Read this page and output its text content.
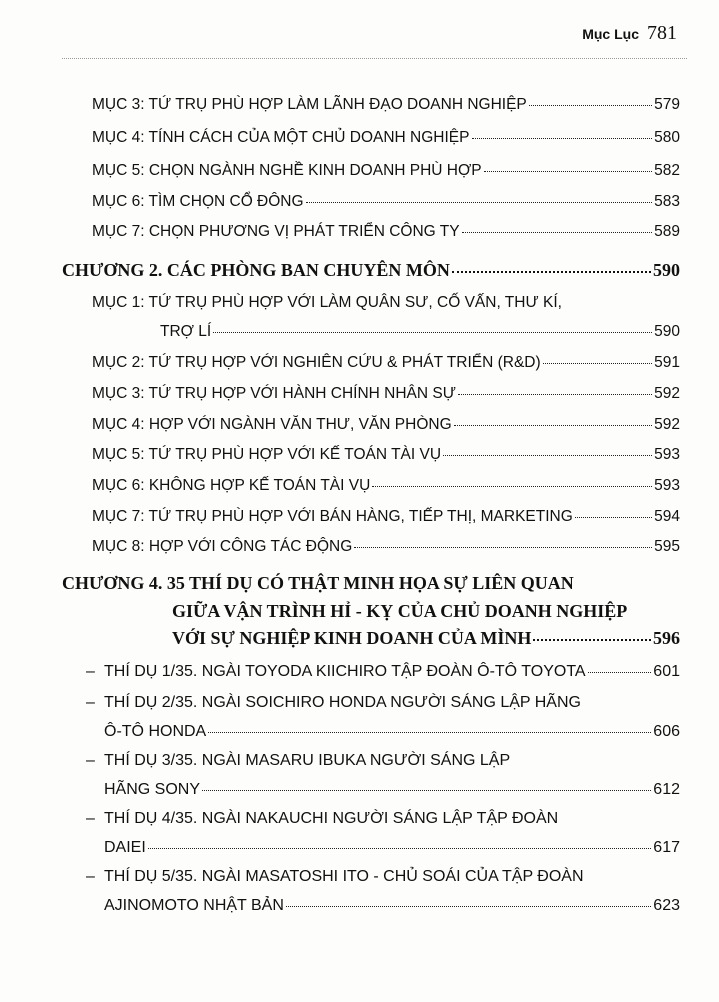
Mục Lục 781
MỤC 3: TỨ TRỤ PHÙ HỢP LÀM LÃNH ĐẠO DOANH NGHIỆP	579
MỤC 4: TÍNH CÁCH CỦA MỘT CHỦ DOANH NGHIỆP	580
MỤC 5: CHỌN NGÀNH NGHỀ KINH DOANH PHÙ HỢP	582
MỤC 6: TÌM CHỌN CỔ ĐÔNG	583
MỤC 7: CHỌN PHƯƠNG VỊ PHÁT TRIỂN CÔNG TY	589
CHƯƠNG 2. CÁC PHÒNG BAN CHUYÊN MÔN	590
MỤC 1: TỨ TRỤ PHÙ HỢP VỚI LÀM QUÂN SƯ, CỐ VẤN, THƯ KÍ,
TRỢ LÍ	590
MỤC 2: TỨ TRỤ HỢP VỚI NGHIÊN CỨU & PHÁT TRIỂN (R&D)	591
MỤC 3: TỨ TRỤ HỢP VỚI HÀNH CHÍNH NHÂN SỰ	592
MỤC 4: HỢP VỚI NGÀNH VĂN THƯ, VĂN PHÒNG	592
MỤC 5: TỨ TRỤ PHÙ HỢP VỚI KẾ TOÁN TÀI VỤ	593
MỤC 6: KHÔNG HỢP KẾ TOÁN TÀI VỤ	593
MỤC 7: TỨ TRỤ PHÙ HỢP VỚI BÁN HÀNG, TIẾP THỊ, MARKETING	594
MỤC 8: HỢP VỚI CÔNG TÁC ĐỘNG	595
CHƯƠNG 4. 35 THÍ DỤ CÓ THẬT MINH HỌA SỰ LIÊN QUAN
GIỮA VẬN TRÌNH HỈ - KỴ CỦA CHỦ DOANH NGHIỆP
VỚI SỰ NGHIỆP KINH DOANH CỦA MÌNH	596
– THÍ DỤ 1/35. NGÀI TOYODA KIICHIRO TẬP ĐOÀN Ô-TÔ TOYOTA	601
– THÍ DỤ 2/35. NGÀI SOICHIRO HONDA NGƯỜI SÁNG LẬP HÃNG
Ô-TÔ HONDA	606
– THÍ DỤ 3/35. NGÀI MASARU IBUKA NGƯỜI SÁNG LẬP
HÃNG SONY	612
– THÍ DỤ 4/35. NGÀI NAKAUCHI NGƯỜI SÁNG LẬP TẬP ĐOÀN
DAIEI	617
– THÍ DỤ 5/35. NGÀI MASATOSHI ITO - CHỦ SOÁI CỦA TẬP ĐOÀN
AJINOMOTO NHẬT BẢN	623
